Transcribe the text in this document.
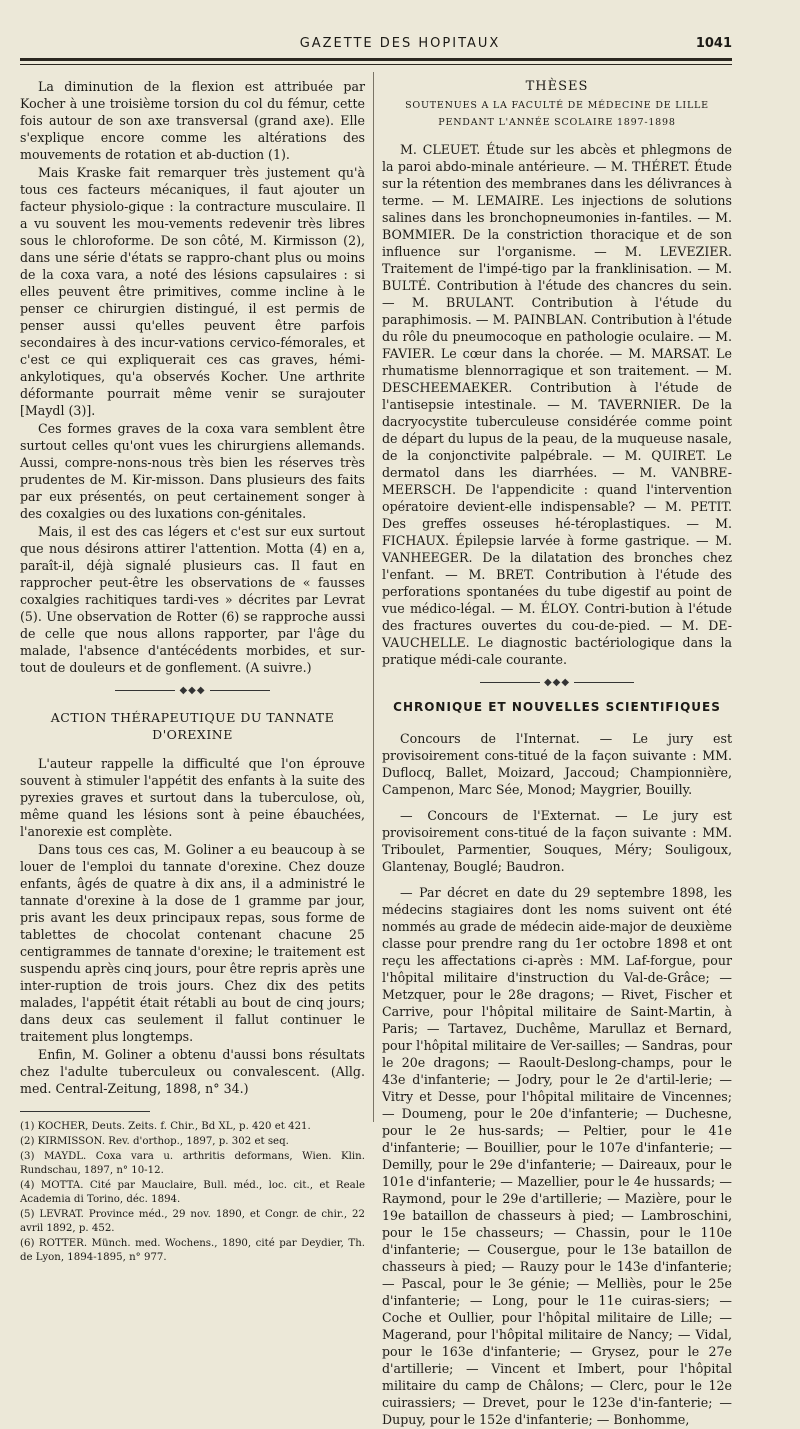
GAZETTE DES HOPITAUX	1041

La diminution de la flexion est attribuée par Kocher à une troisième torsion du col du fémur, cette fois autour de son axe transversal (grand axe). Elle s'explique encore comme les altérations des mouvements de rotation et ab-duction (1).

Mais Kraske fait remarquer très justement qu'à tous ces facteurs mécaniques, il faut ajouter un facteur physiolo-gique : la contracture musculaire. Il a vu souvent les mou-vements redevenir très libres sous le chloroforme. De son côté, M. Kirmisson (2), dans une série d'états se rappro-chant plus ou moins de la coxa vara, a noté des lésions capsulaires : si elles peuvent être primitives, comme incline à le penser ce chirurgien distingué, il est permis de penser aussi qu'elles peuvent être parfois secondaires à des incur-vations cervico-fémorales, et c'est ce qui expliquerait ces cas graves, hémi-ankylotiques, qu'a observés Kocher. Une arthrite déformante pourrait même venir se surajouter [Maydl (3)].

Ces formes graves de la coxa vara semblent être surtout celles qu'ont vues les chirurgiens allemands. Aussi, compre-nons-nous très bien les réserves très prudentes de M. Kir-misson. Dans plusieurs des faits par eux présentés, on peut certainement songer à des coxalgies ou des luxations con-génitales.

Mais, il est des cas légers et c'est sur eux surtout que nous désirons attirer l'attention. Motta (4) en a, paraît-il, déjà signalé plusieurs cas. Il faut en rapprocher peut-être les observations de « fausses coxalgies rachitiques tardi-ves » décrites par Levrat (5). Une observation de Rotter (6) se rapproche aussi de celle que nous allons rapporter, par l'âge du malade, l'absence d'antécédents morbides, et sur-tout de douleurs et de gonflement. (A suivre.)

◆◆◆
ACTION THÉRAPEUTIQUE DU TANNATE D'OREXINE

L'auteur rappelle la difficulté que l'on éprouve souvent à stimuler l'appétit des enfants à la suite des pyrexies graves et surtout dans la tuberculose, où, même quand les lésions sont à peine ébauchées, l'anorexie est complète.

Dans tous ces cas, M. Goliner a eu beaucoup à se louer de l'emploi du tannate d'orexine. Chez douze enfants, âgés de quatre à dix ans, il a administré le tannate d'orexine à la dose de 1 gramme par jour, pris avant les deux principaux repas, sous forme de tablettes de chocolat contenant chacune 25 centigrammes de tannate d'orexine; le traitement est suspendu après cinq jours, pour être repris après une inter-ruption de trois jours. Chez dix des petits malades, l'appétit était rétabli au bout de cinq jours; dans deux cas seulement il fallut continuer le traitement plus longtemps.

Enfin, M. Goliner a obtenu d'aussi bons résultats chez l'adulte tuberculeux ou convalescent. (Allg. med. Central-Zeitung, 1898, n° 34.)

(1) KOCHER, Deuts. Zeits. f. Chir., Bd XL, p. 420 et 421.

(2) KIRMISSON. Rev. d'orthop., 1897, p. 302 et seq.

(3) MAYDL. Coxa vara u. arthritis deformans, Wien. Klin. Rundschau, 1897, n° 10-12.

(4) MOTTA. Cité par Mauclaire, Bull. méd., loc. cit., et Reale Academia di Torino, déc. 1894.

(5) LEVRAT. Province méd., 29 nov. 1890, et Congr. de chir., 22 avril 1892, p. 452.

(6) ROTTER. Münch. med. Wochens., 1890, cité par Deydier, Th. de Lyon, 1894-1895, n° 977.

THÈSES
SOUTENUES A LA FACULTÉ DE MÉDECINE DE LILLE
PENDANT L'ANNÉE SCOLAIRE 1897-1898

M. CLEUET. Étude sur les abcès et phlegmons de la paroi abdo-minale antérieure. — M. THÉRET. Étude sur la rétention des membranes dans les délivrances à terme. — M. LEMAIRE. Les injections de solutions salines dans les bronchopneumonies in-fantiles. — M. BOMMIER. De la constriction thoracique et de son influence sur l'organisme. — M. LEVEZIER. Traitement de l'impé-tigo par la franklinisation. — M. BULTÉ. Contribution à l'étude des chancres du sein. — M. BRULANT. Contribution à l'étude du paraphimosis. — M. PAINBLAN. Contribution à l'étude du rôle du pneumocoque en pathologie oculaire. — M. FAVIER. Le cœur dans la chorée. — M. MARSAT. Le rhumatisme blennorragique et son traitement. — M. DESCHEEMAEKER. Contribution à l'étude de l'antisepsie intestinale. — M. TAVERNIER. De la dacryocystite tuberculeuse considérée comme point de départ du lupus de la peau, de la muqueuse nasale, de la conjonctivite palpébrale. — M. QUIRET. Le dermatol dans les diarrhées. — M. VANBRE-MEERSCH. De l'appendicite : quand l'intervention opératoire devient-elle indispensable? — M. PETIT. Des greffes osseuses hé-téroplastiques. — M. FICHAUX. Épilepsie larvée à forme gastrique. — M. VANHEEGER. De la dilatation des bronches chez l'enfant. — M. BRET. Contribution à l'étude des perforations spontanées du tube digestif au point de vue médico-légal. — M. ÉLOY. Contri-bution à l'étude des fractures ouvertes du cou-de-pied. — M. DE-VAUCHELLE. Le diagnostic bactériologique dans la pratique médi-cale courante.

◆◆◆
CHRONIQUE ET NOUVELLES SCIENTIFIQUES

Concours de l'Internat. — Le jury est provisoirement cons-titué de la façon suivante : MM. Duflocq, Ballet, Moizard, Jaccoud; Championnière, Campenon, Marc Sée, Monod; Maygrier, Bouilly.

— Concours de l'Externat. — Le jury est provisoirement cons-titué de la façon suivante : MM. Triboulet, Parmentier, Souques, Méry; Souligoux, Glantenay, Bouglé; Baudron.

— Par décret en date du 29 septembre 1898, les médecins stagiaires dont les noms suivent ont été nommés au grade de médecin aide-major de deuxième classe pour prendre rang du 1er octobre 1898 et ont reçu les affectations ci-après : MM. Laf-forgue, pour l'hôpital militaire d'instruction du Val-de-Grâce; — Metzquer, pour le 28e dragons; — Rivet, Fischer et Carrive, pour l'hôpital militaire de Saint-Martin, à Paris; — Tartavez, Duchême, Marullaz et Bernard, pour l'hôpital militaire de Ver-sailles; — Sandras, pour le 20e dragons; — Raoult-Deslong-champs, pour le 43e d'infanterie; — Jodry, pour le 2e d'artil-lerie; — Vitry et Desse, pour l'hôpital militaire de Vincennes; — Doumeng, pour le 20e d'infanterie; — Duchesne, pour le 2e hus-sards; — Peltier, pour le 41e d'infanterie; — Bouillier, pour le 107e d'infanterie; — Demilly, pour le 29e d'infanterie; — Daireaux, pour le 101e d'infanterie; — Mazellier, pour le 4e hussards; — Raymond, pour le 29e d'artillerie; — Mazière, pour le 19e bataillon de chasseurs à pied; — Lambroschini, pour le 15e chasseurs; — Chassin, pour le 110e d'infanterie; — Cousergue, pour le 13e bataillon de chasseurs à pied; — Rauzy pour le 143e d'infanterie; — Pascal, pour le 3e génie; — Melliès, pour le 25e d'infanterie; — Long, pour le 11e cuiras-siers; — Coche et Oullier, pour l'hôpital militaire de Lille; — Magerand, pour l'hôpital militaire de Nancy; — Vidal, pour le 163e d'infanterie; — Grysez, pour le 27e d'artillerie; — Vincent et Imbert, pour l'hôpital militaire du camp de Châlons; — Clerc, pour le 12e cuirassiers; — Drevet, pour le 123e d'in-fanterie; — Dupuy, pour le 152e d'infanterie; — Bonhomme,
